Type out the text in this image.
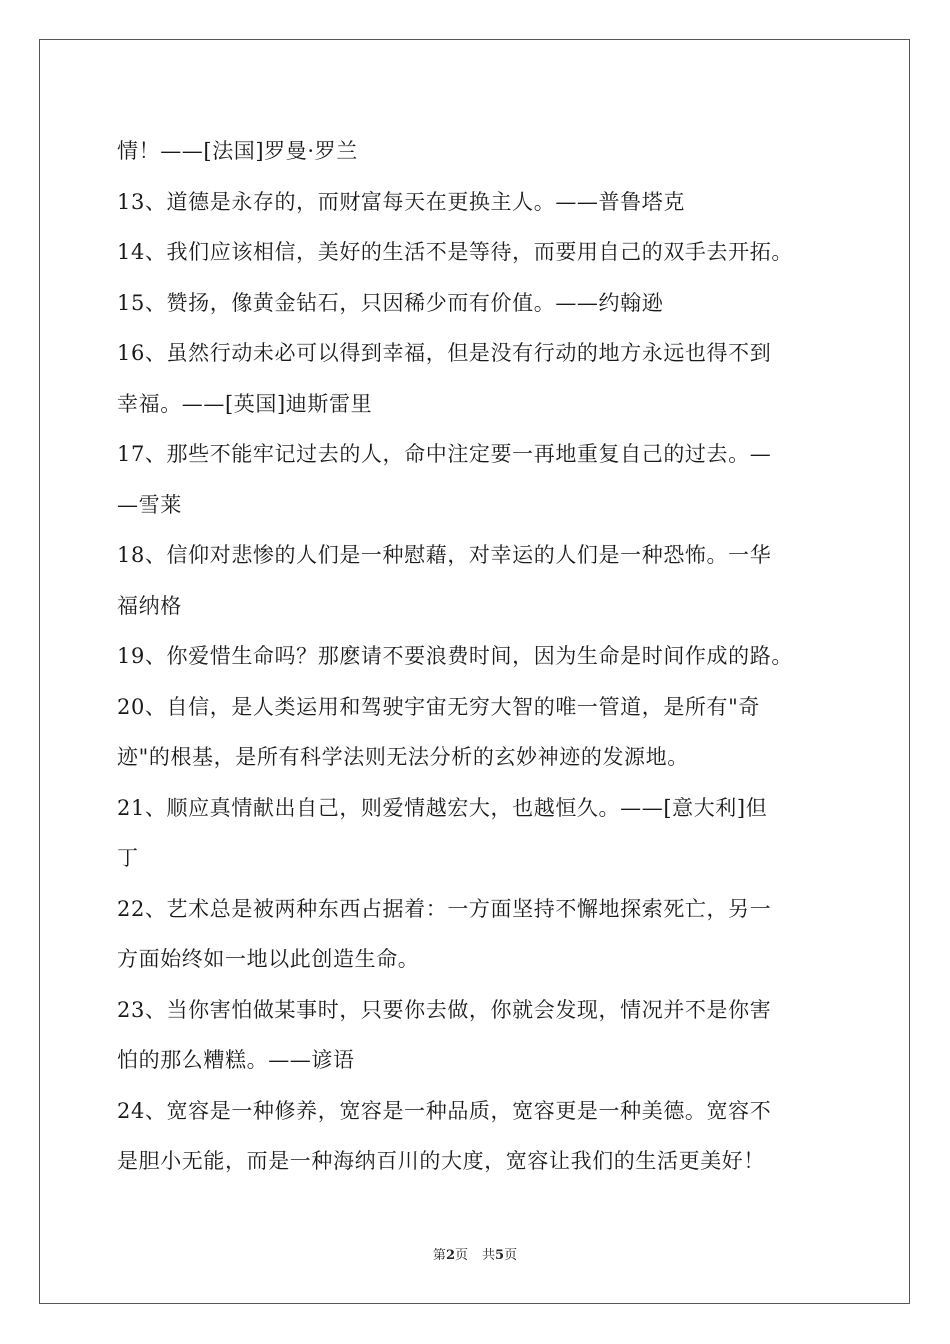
情！——[法国]罗曼·罗兰
13、道德是永存的，而财富每天在更换主人。——普鲁塔克
14、我们应该相信，美好的生活不是等待，而要用自己的双手去开拓。
15、赞扬，像黄金钻石，只因稀少而有价值。——约翰逊
16、虽然行动未必可以得到幸福，但是没有行动的地方永远也得不到
幸福。——[英国]迪斯雷里
17、那些不能牢记过去的人，命中注定要一再地重复自己的过去。—
—雪莱
18、信仰对悲惨的人们是一种慰藉，对幸运的人们是一种恐怖。一华
福纳格
19、你爱惜生命吗？那麽请不要浪费时间，因为生命是时间作成的路。
20、自信，是人类运用和驾驶宇宙无穷大智的唯一管道，是所有"奇
迹"的根基，是所有科学法则无法分析的玄妙神迹的发源地。
21、顺应真情献出自己，则爱情越宏大，也越恒久。——[意大利]但
丁
22、艺术总是被两种东西占据着：一方面坚持不懈地探索死亡，另一
方面始终如一地以此创造生命。
23、当你害怕做某事时，只要你去做，你就会发现，情况并不是你害
怕的那么糟糕。——谚语
24、宽容是一种修养，宽容是一种品质，宽容更是一种美德。宽容不
是胆小无能，而是一种海纳百川的大度，宽容让我们的生活更美好！
第2页 共5页
